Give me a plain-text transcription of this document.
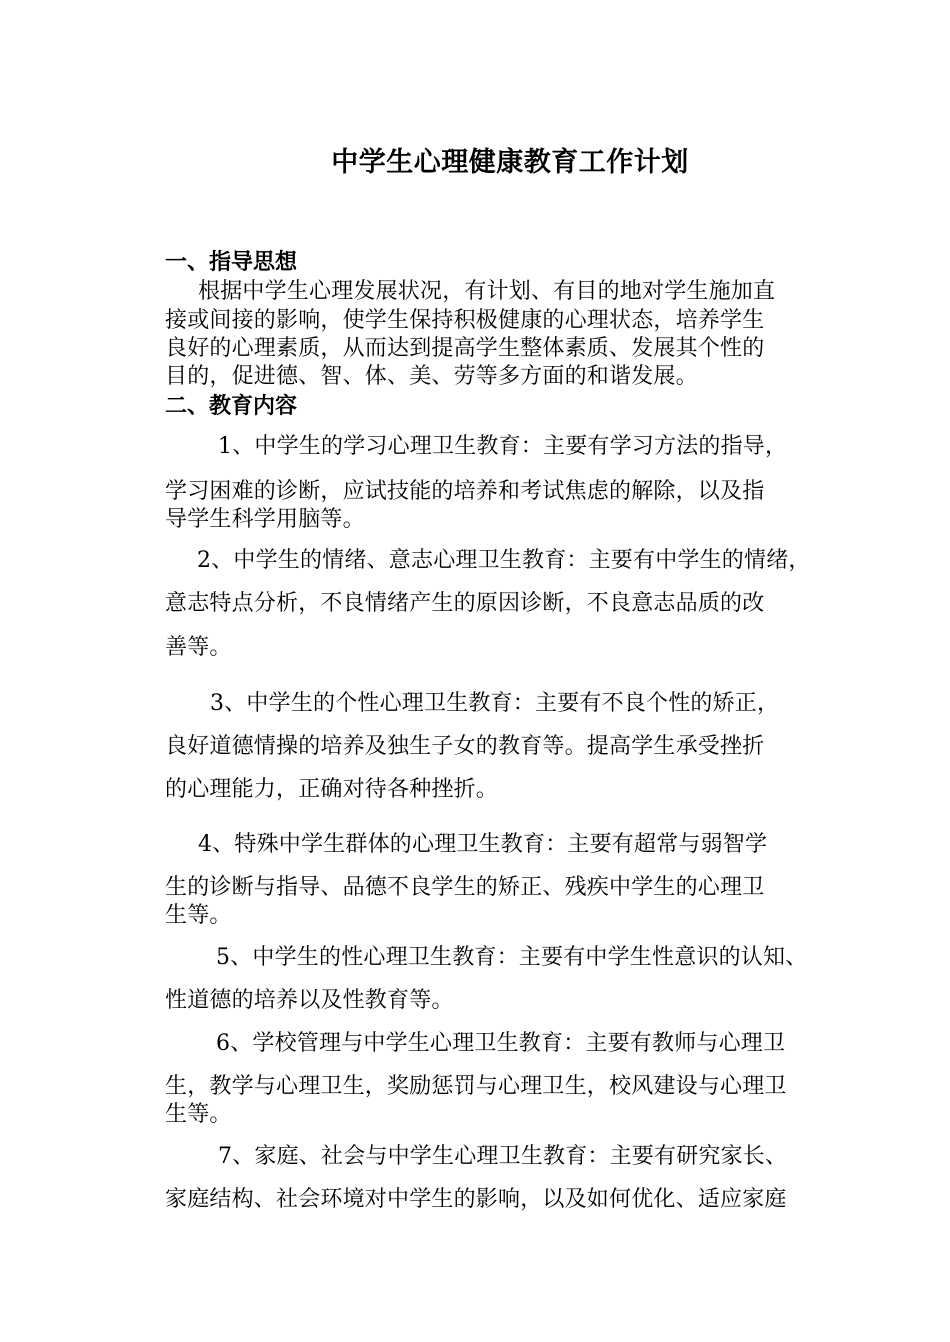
中学生心理健康教育工作计划
一、指导思想
根据中学生心理发展状况，有计划、有目的地对学生施加直
接或间接的影响，使学生保持积极健康的心理状态，培养学生
良好的心理素质，从而达到提高学生整体素质、发展其个性的
目的，促进德、智、体、美、劳等多方面的和谐发展。
二、教育内容
1、中学生的学习心理卫生教育：主要有学习方法的指导，
学习困难的诊断，应试技能的培养和考试焦虑的解除，以及指
导学生科学用脑等。
2、中学生的情绪、意志心理卫生教育：主要有中学生的情绪，
意志特点分析，不良情绪产生的原因诊断，不良意志品质的改
善等。
3、中学生的个性心理卫生教育：主要有不良个性的矫正，
良好道德情操的培养及独生子女的教育等。提高学生承受挫折
的心理能力，正确对待各种挫折。
4、特殊中学生群体的心理卫生教育：主要有超常与弱智学
生的诊断与指导、品德不良学生的矫正、残疾中学生的心理卫
生等。
5、中学生的性心理卫生教育：主要有中学生性意识的认知、
性道德的培养以及性教育等。
6、学校管理与中学生心理卫生教育：主要有教师与心理卫
生，教学与心理卫生，奖励惩罚与心理卫生，校风建设与心理卫
生等。
7、家庭、社会与中学生心理卫生教育：主要有研究家长、
家庭结构、社会环境对中学生的影响，以及如何优化、适应家庭
